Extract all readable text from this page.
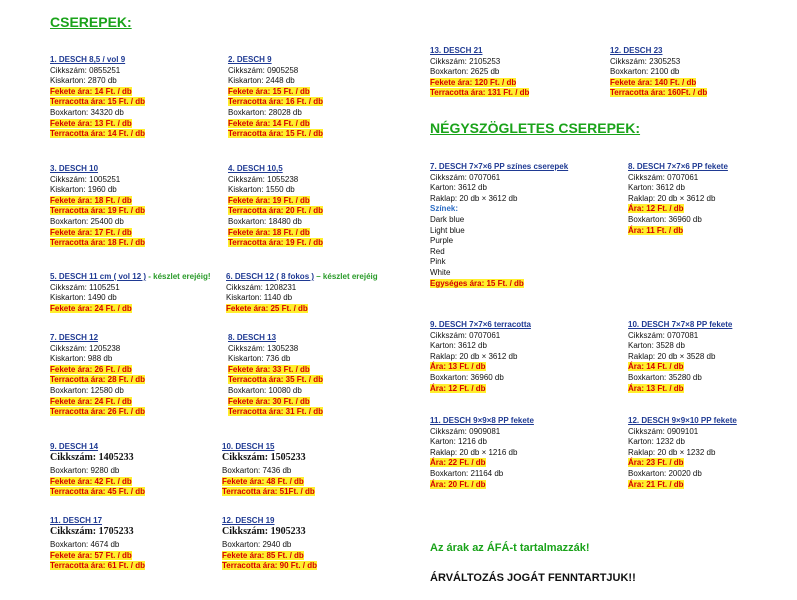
CSEREPEK:
NÉGYSZÖGLETES CSEREPEK:
1. DESCH 8,5 / vol 9
Cikkszám: 0855251
Kiskarton: 2870 db
Fekete ára: 14 Ft. / db
Terracotta ára: 15 Ft. / db
Boxkarton: 34320 db
Fekete ára: 13 Ft. / db
Terracotta ára: 14 Ft. / db
3. DESCH 10
Cikkszám: 1005251
Kiskarton: 1960 db
Fekete ára: 18 Ft. / db
Terracotta ára: 19 Ft. / db
Boxkarton: 25400 db
Fekete ára: 17 Ft. / db
Terracotta ára: 18 Ft. / db
5. DESCH 11 cm ( vol 12 ) - készlet erejéig!
Cikkszám: 1105251
Kiskarton: 1490 db
Fekete ára: 24 Ft. / db
7. DESCH 12
Cikkszám: 1205238
Kiskarton: 988 db
Fekete ára: 26 Ft. / db
Terracotta ára: 28 Ft. / db
Boxkarton: 12580 db
Fekete ára: 24 Ft. / db
Terracotta ára: 26 Ft. / db
9. DESCH 14
Cikkszám: 1405233
Boxkarton: 9280 db
Fekete ára: 42 Ft. / db
Terracotta ára: 45 Ft. / db
11. DESCH 17
Cikkszám: 1705233
Boxkarton: 4674 db
Fekete ára: 57 Ft. / db
Terracotta ára: 61 Ft. / db
2. DESCH 9
Cikkszám: 0905258
Kiskarton: 2448 db
Fekete ára: 15 Ft. / db
Terracotta ára: 16 Ft. / db
Boxkarton: 28028 db
Fekete ára: 14 Ft. / db
Terracotta ára: 15 Ft. / db
4. DESCH 10,5
Cikkszám: 1055238
Kiskarton: 1550 db
Fekete ára: 19 Ft. / db
Terracotta ára: 20 Ft. / db
Boxkarton: 18480 db
Fekete ára: 18 Ft. / db
Terracotta ára: 19 Ft. / db
6. DESCH 12 ( 8 fokos ) – készlet erejéig
Cikkszám: 1208231
Kiskarton: 1140 db
Fekete ára: 25 Ft. / db
8. DESCH 13
Cikkszám: 1305238
Kiskarton: 736 db
Fekete ára: 33 Ft. / db
Terracotta ára: 35 Ft. / db
Boxkarton: 10080 db
Fekete ára: 30 Ft. / db
Terracotta ára: 31 Ft. / db
10. DESCH 15
Cikkszám: 1505233
Boxkarton: 7436 db
Fekete ára: 48 Ft. / db
Terracotta ára: 51Ft. / db
12. DESCH 19
Cikkszám: 1905233
Boxkarton: 2940 db
Fekete ára: 85 Ft. / db
Terracotta ára: 90 Ft. / db
13. DESCH 21
Cikkszám: 2105253
Boxkarton: 2625 db
Fekete ára: 120 Ft. / db
Terracotta ára: 131 Ft. / db
12. DESCH 23
Cikkszám: 2305253
Boxkarton: 2100 db
Fekete ára: 140 Ft. / db
Terracotta ára: 160Ft. / db
7. DESCH 7×7×6 PP színes cserepek
Cikkszám: 0707061
Karton: 3612 db
Raklap: 20 db × 3612 db
Színek:
Dark blue
Light blue
Purple
Red
Pink
White
Egységes ára: 15 Ft. / db
8. DESCH 7×7×6 PP fekete
Cikkszám: 0707061
Karton: 3612 db
Raklap: 20 db × 3612 db
Ára: 12 Ft. / db
Boxkarton: 36960 db
Ára: 11 Ft. / db
9. DESCH 7×7×6 terracotta
Cikkszám: 0707061
Karton: 3612 db
Raklap: 20 db × 3612 db
Ára: 13 Ft. / db
Boxkarton: 36960 db
Ára: 12 Ft. / db
10. DESCH 7×7×8 PP fekete
Cikkszám: 0707081
Karton: 3528 db
Raklap: 20 db × 3528 db
Ára: 14 Ft. / db
Boxkarton: 35280 db
Ára: 13 Ft. / db
11. DESCH 9×9×8 PP fekete
Cikkszám: 0909081
Karton: 1216 db
Raklap: 20 db × 1216 db
Ára: 22 Ft. / db
Boxkarton: 21164 db
Ára: 20 Ft. / db
12. DESCH 9×9×10 PP fekete
Cikkszám: 0909101
Karton: 1232 db
Raklap: 20 db × 1232 db
Ára: 23 Ft. / db
Boxkarton: 20020 db
Ára: 21 Ft. / db
Az árak az ÁFÁ-t tartalmazzák!
ÁRVÁLTOZÁS JOGÁT FENNTARTJUK!!
